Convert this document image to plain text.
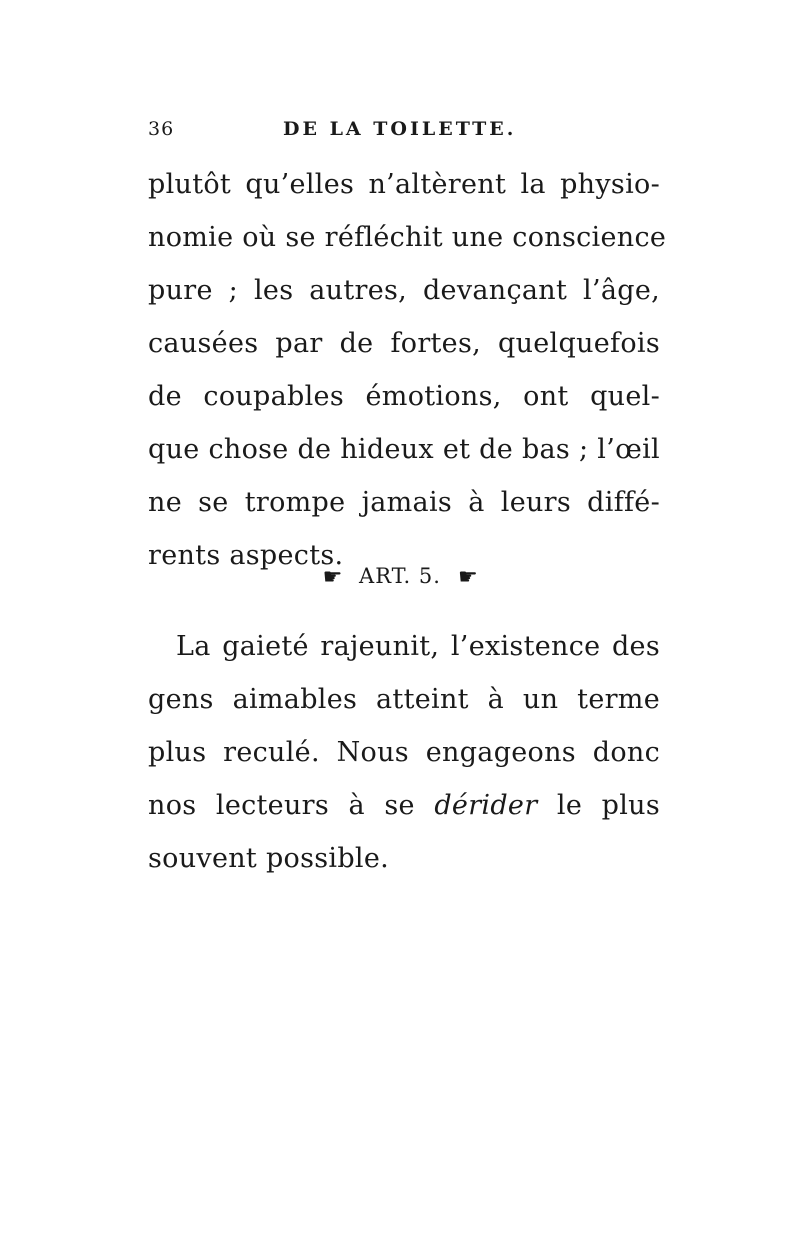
36	DE LA TOILETTE.
plutôt qu’elles n’altèrent la physio-
nomie où se réfléchit une conscience
pure ; les autres, devançant l’âge,
causées par de fortes, quelquefois
de coupables émotions, ont quel-
que chose de hideux et de bas ; l’œil
ne se trompe jamais à leurs diffé-
rents aspects.
☛ ART. 5. ☚
La gaieté rajeunit, l’existence des
gens aimables atteint à un terme
plus reculé. Nous engageons donc
nos lecteurs à se dérider le plus
souvent possible.
